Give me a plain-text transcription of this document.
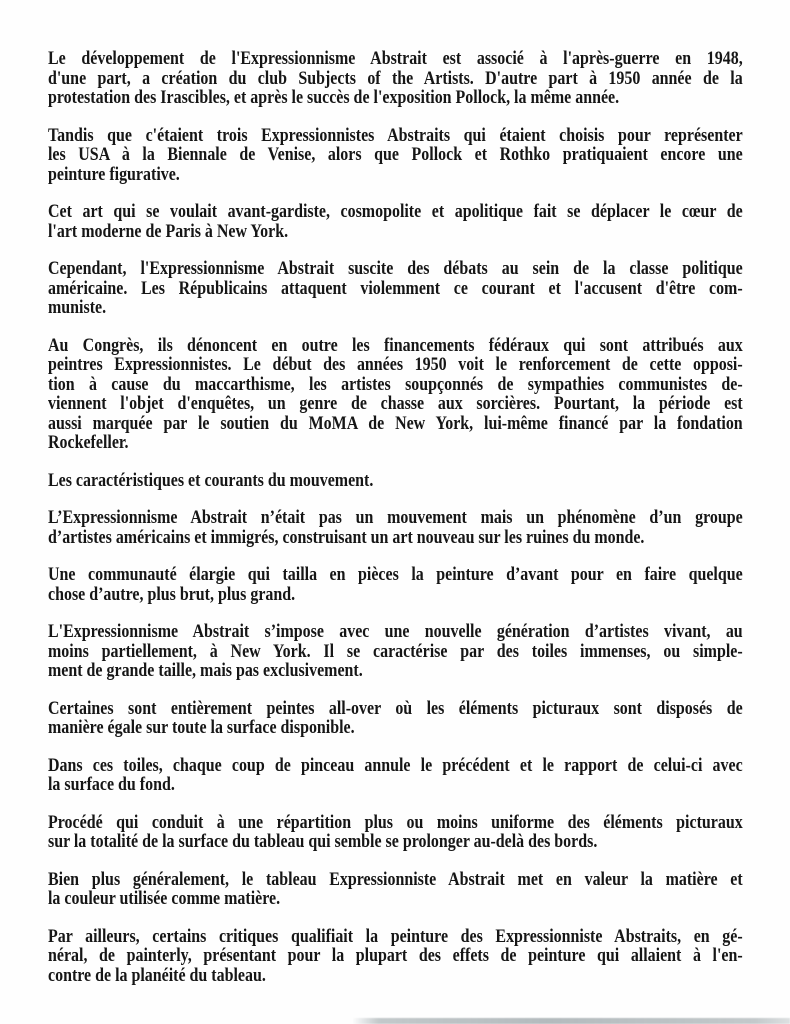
Le développement de l'Expressionnisme Abstrait est associé à l'après-guerre en 1948,
d'une part, a création du club Subjects of the Artists. D'autre part à 1950 année de la
protestation des Irascibles, et après le succès de l'exposition Pollock, la même année.

Tandis que c'étaient trois Expressionnistes Abstraits qui étaient choisis pour représenter
les USA à la Biennale de Venise, alors que Pollock et Rothko pratiquaient encore une
peinture figurative.

Cet art qui se voulait avant-gardiste, cosmopolite et apolitique fait se déplacer le cœur de
l'art moderne de Paris à New York.

Cependant, l'Expressionnisme Abstrait suscite des débats au sein de la classe politique
américaine. Les Républicains attaquent violemment ce courant et l'accusent d'être com-
muniste.

Au Congrès, ils dénoncent en outre les financements fédéraux qui sont attribués aux
peintres Expressionnistes. Le début des années 1950 voit le renforcement de cette opposi-
tion à cause du maccarthisme, les artistes soupçonnés de sympathies communistes de-
viennent l'objet d'enquêtes, un genre de chasse aux sorcières. Pourtant, la période est
aussi marquée par le soutien du MoMA de New York, lui-même financé par la fondation
Rockefeller.

Les caractéristiques et courants du mouvement.

L’Expressionnisme Abstrait n’était pas un mouvement mais un phénomène d’un groupe
d’artistes américains et immigrés, construisant un art nouveau sur les ruines du monde.

Une communauté élargie qui tailla en pièces la peinture d’avant pour en faire quelque
chose d’autre, plus brut, plus grand.

L'Expressionnisme Abstrait s’impose avec une nouvelle génération d’artistes vivant, au
moins partiellement, à New York. Il se caractérise par des toiles immenses, ou simple-
ment de grande taille, mais pas exclusivement.

Certaines sont entièrement peintes all-over où les éléments picturaux sont disposés de
manière égale sur toute la surface disponible.

Dans ces toiles, chaque coup de pinceau annule le précédent et le rapport de celui-ci avec
la surface du fond.

Procédé qui conduit à une répartition plus ou moins uniforme des éléments picturaux
sur la totalité de la surface du tableau qui semble se prolonger au-delà des bords.

Bien plus généralement, le tableau Expressionniste Abstrait met en valeur la matière et
la couleur utilisée comme matière.

Par ailleurs, certains critiques qualifiait la peinture des Expressionniste Abstraits, en gé-
néral, de painterly, présentant pour la plupart des effets de peinture qui allaient à l'en-
contre de la planéité du tableau.
